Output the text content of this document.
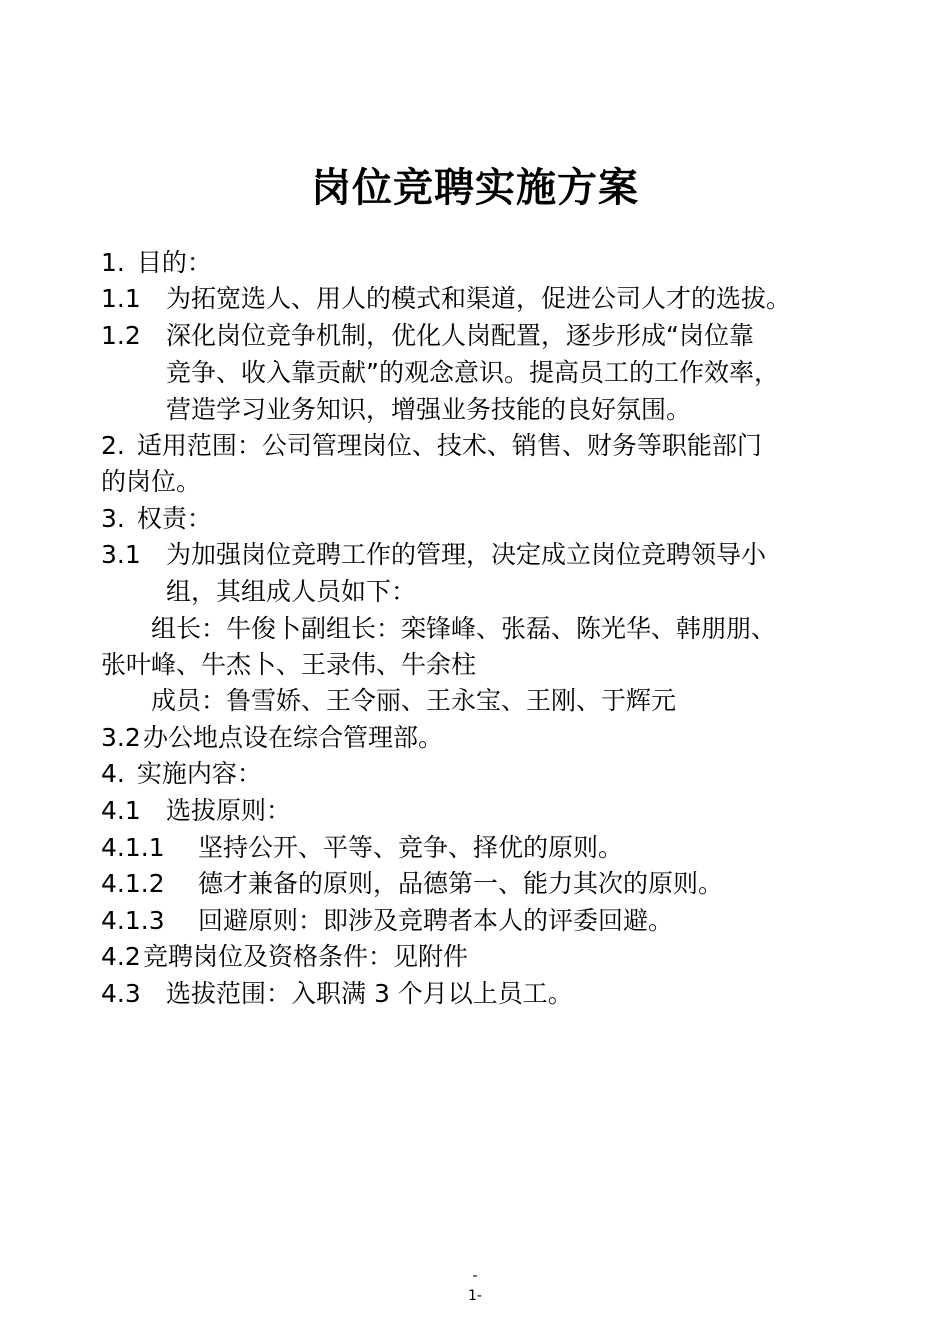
岗位竞聘实施方案
1. 目的：
1.1 为拓宽选人、用人的模式和渠道，促进公司人才的选拔。
1.2 深化岗位竞争机制，优化人岗配置，逐步形成“岗位靠
竞争、收入靠贡献”的观念意识。提高员工的工作效率，
营造学习业务知识，增强业务技能的良好氛围。
2. 适用范围：公司管理岗位、技术、销售、财务等职能部门
的岗位。
3. 权责：
3.1 为加强岗位竞聘工作的管理，决定成立岗位竞聘领导小
组，其组成人员如下：
组长：牛俊卜副组长：栾锋峰、张磊、陈光华、韩朋朋、
张叶峰、牛杰卜、王录伟、牛余柱
成员：鲁雪娇、王令丽、王永宝、王刚、于辉元
3.2办公地点设在综合管理部。
4. 实施内容：
4.1 选拔原则：
4.1.1 坚持公开、平等、竞争、择优的原则。
4.1.2 德才兼备的原则，品德第一、能力其次的原则。
4.1.3 回避原则：即涉及竞聘者本人的评委回避。
4.2竞聘岗位及资格条件：见附件
4.3 选拔范围：入职满 3 个月以上员工。
-
1-
